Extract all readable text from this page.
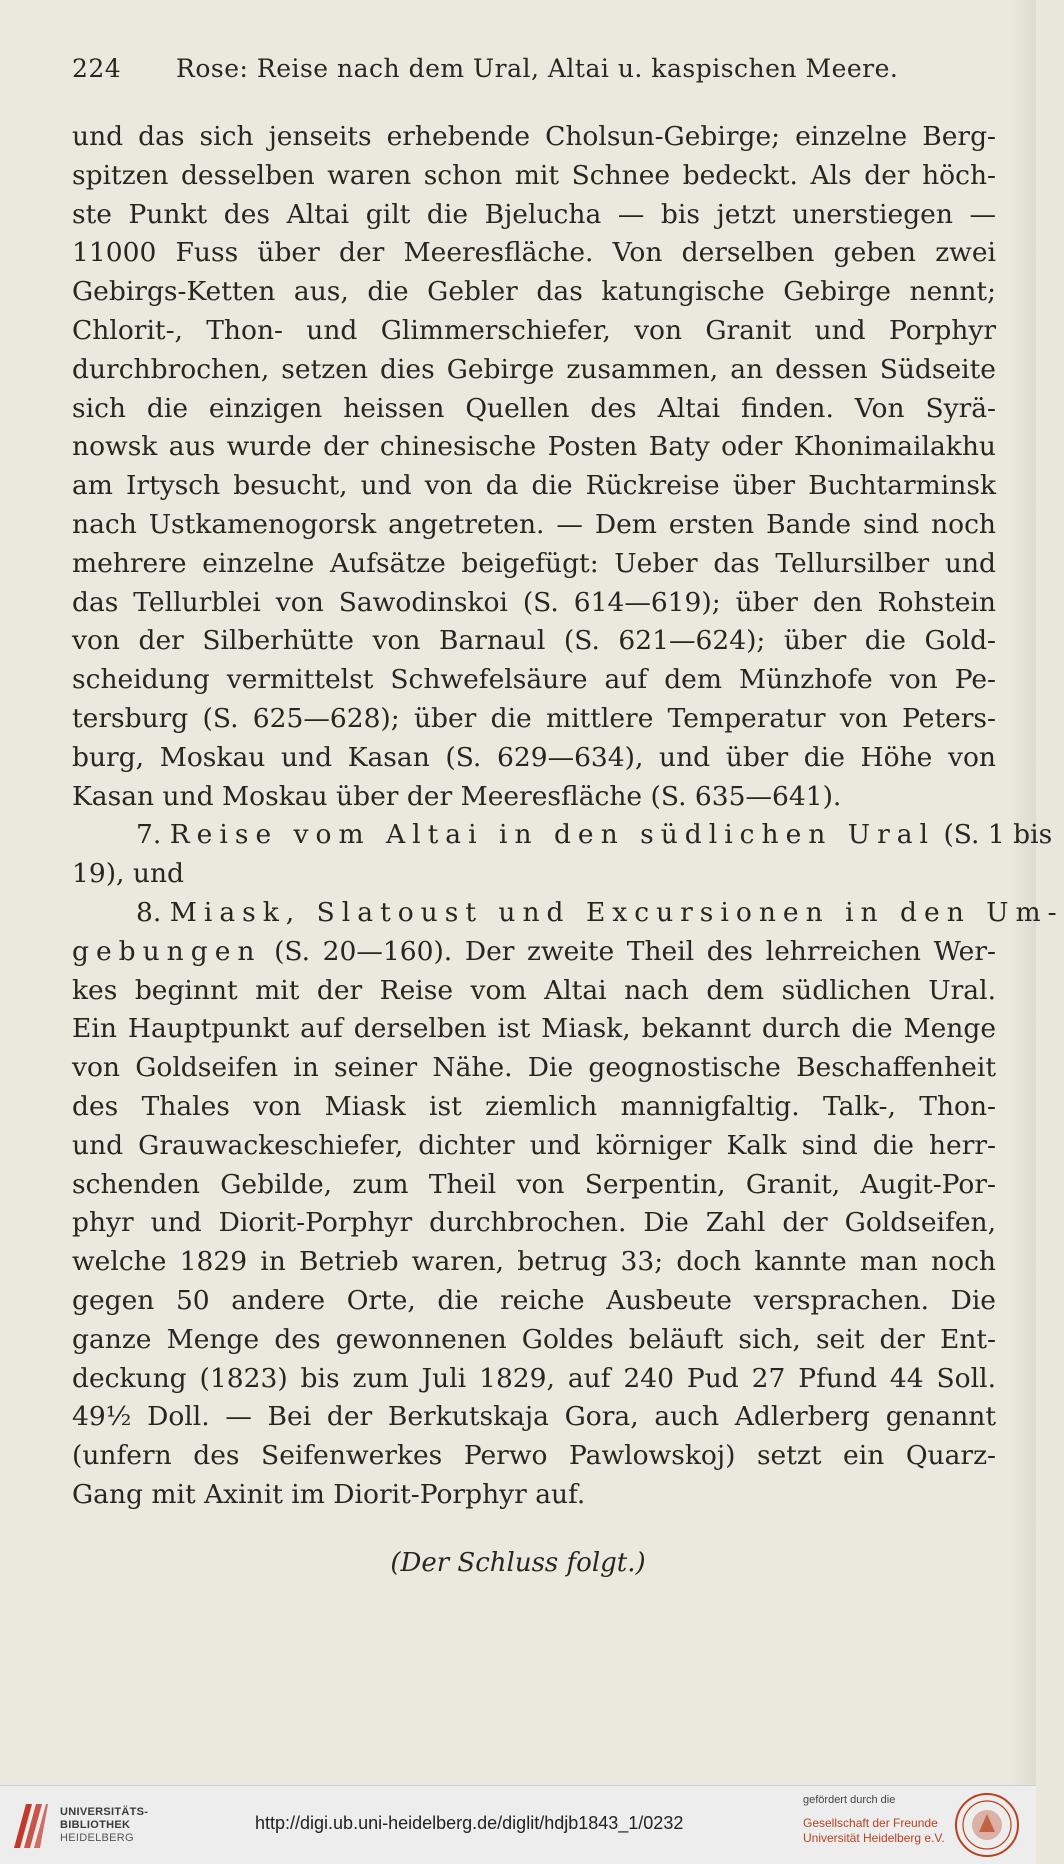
224 Rose: Reise nach dem Ural, Altai u. kaspischen Meere.
und das sich jenseits erhebende Cholsun-Gebirge; einzelne Berg-
spitzen desselben waren schon mit Schnee bedeckt. Als der höch-
ste Punkt des Altai gilt die Bjelucha — bis jetzt unerstiegen —
11000 Fuss über der Meeresfläche. Von derselben geben zwei
Gebirgs-Ketten aus, die Gebler das katungische Gebirge nennt;
Chlorit-, Thon- und Glimmerschiefer, von Granit und Porphyr
durchbrochen, setzen dies Gebirge zusammen, an dessen Südseite
sich die einzigen heissen Quellen des Altai finden. Von Syrä-
nowsk aus wurde der chinesische Posten Baty oder Khonimailakhu
am Irtysch besucht, und von da die Rückreise über Buchtarminsk
nach Ustkamenogorsk angetreten. — Dem ersten Bande sind noch
mehrere einzelne Aufsätze beigefügt: Ueber das Tellursilber und
das Tellurblei von Sawodinskoi (S. 614—619); über den Rohstein
von der Silberhütte von Barnaul (S. 621—624); über die Gold-
scheidung vermittelst Schwefelsäure auf dem Münzhofe von Pe-
tersburg (S. 625—628); über die mittlere Temperatur von Peters-
burg, Moskau und Kasan (S. 629—634), und über die Höhe von
Kasan und Moskau über der Meeresfläche (S. 635—641).
7. Reise vom Altai in den südlichen Ural (S. 1 bis
19), und
8. Miask, Slatoust und Excursionen in den Um-
gebungen (S. 20—160). Der zweite Theil des lehrreichen Wer-
kes beginnt mit der Reise vom Altai nach dem südlichen Ural.
Ein Hauptpunkt auf derselben ist Miask, bekannt durch die Menge
von Goldseifen in seiner Nähe. Die geognostische Beschaffenheit
des Thales von Miask ist ziemlich mannigfaltig. Talk-, Thon-
und Grauwackeschiefer, dichter und körniger Kalk sind die herr-
schenden Gebilde, zum Theil von Serpentin, Granit, Augit-Por-
phyr und Diorit-Porphyr durchbrochen. Die Zahl der Goldseifen,
welche 1829 in Betrieb waren, betrug 33; doch kannte man noch
gegen 50 andere Orte, die reiche Ausbeute versprachen. Die
ganze Menge des gewonnenen Goldes beläuft sich, seit der Ent-
deckung (1823) bis zum Juli 1829, auf 240 Pud 27 Pfund 44 Soll.
49½ Doll. — Bei der Berkutskaja Gora, auch Adlerberg genannt
(unfern des Seifenwerkes Perwo Pawlowskoj) setzt ein Quarz-
Gang mit Axinit im Diorit-Porphyr auf.
(Der Schluss folgt.)
UNIVERSITÄTS-
BIBLIOTHEK
HEIDELBERG
http://digi.ub.uni-heidelberg.de/diglit/hdjb1843_1/0232
gefördert durch die
Gesellschaft der Freunde
Universität Heidelberg e.V.
